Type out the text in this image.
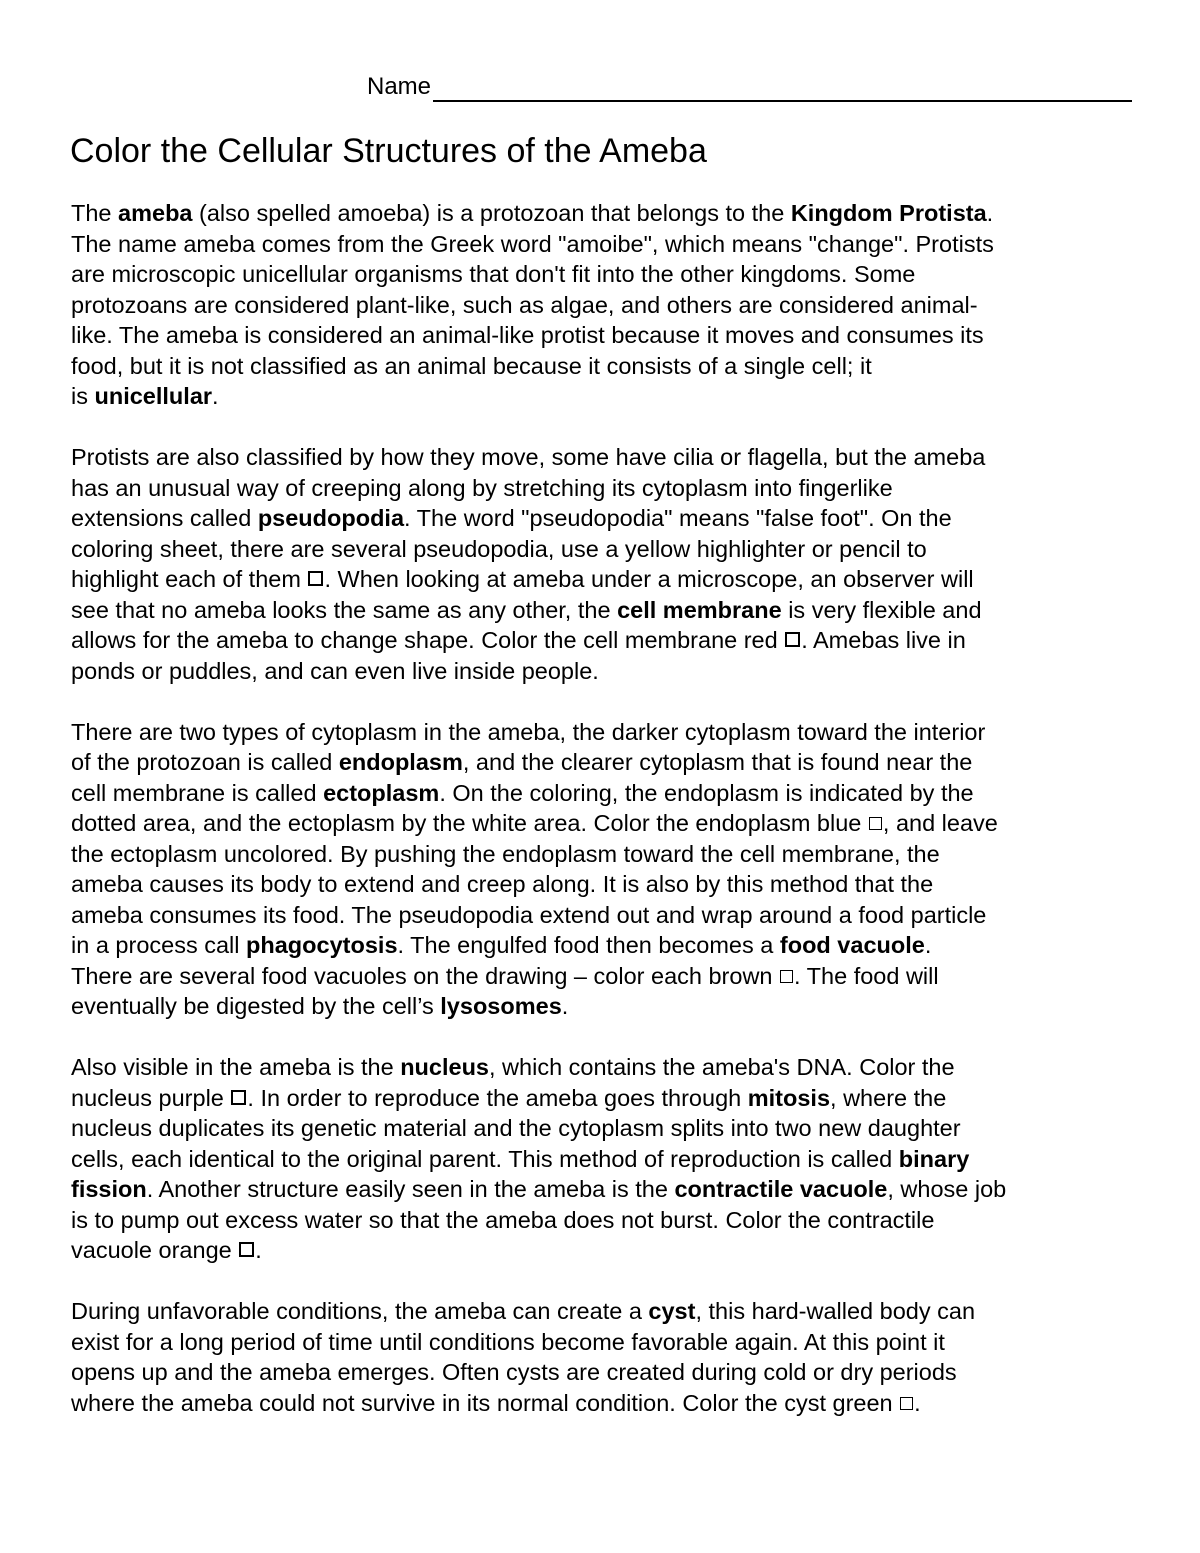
Name
Color the Cellular Structures of the Ameba

The ameba (also spelled amoeba) is a protozoan that belongs to the Kingdom Protista.
The name ameba comes from the Greek word "amoibe", which means "change". Protists
are microscopic unicellular organisms that don't fit into the other kingdoms. Some
protozoans are considered plant-like, such as algae, and others are considered animal-
like. The ameba is considered an animal-like protist because it moves and consumes its
food, but it is not classified as an animal because it consists of a single cell; it
is unicellular.

Protists are also classified by how they move, some have cilia or flagella, but the ameba
has an unusual way of creeping along by stretching its cytoplasm into fingerlike
extensions called pseudopodia. The word "pseudopodia" means "false foot". On the
coloring sheet, there are several pseudopodia, use a yellow highlighter or pencil to
highlight each of them . When looking at ameba under a microscope, an observer will
see that no ameba looks the same as any other, the cell membrane is very flexible and
allows for the ameba to change shape. Color the cell membrane red . Amebas live in
ponds or puddles, and can even live inside people.

There are two types of cytoplasm in the ameba, the darker cytoplasm toward the interior
of the protozoan is called endoplasm, and the clearer cytoplasm that is found near the
cell membrane is called ectoplasm. On the coloring, the endoplasm is indicated by the
dotted area, and the ectoplasm by the white area. Color the endoplasm blue , and leave
the ectoplasm uncolored. By pushing the endoplasm toward the cell membrane, the
ameba causes its body to extend and creep along. It is also by this method that the
ameba consumes its food. The pseudopodia extend out and wrap around a food particle
in a process call phagocytosis. The engulfed food then becomes a food vacuole.
There are several food vacuoles on the drawing – color each brown . The food will
eventually be digested by the cell’s lysosomes.

Also visible in the ameba is the nucleus, which contains the ameba's DNA. Color the
nucleus purple . In order to reproduce the ameba goes through mitosis, where the
nucleus duplicates its genetic material and the cytoplasm splits into two new daughter
cells, each identical to the original parent. This method of reproduction is called binary
fission. Another structure easily seen in the ameba is the contractile vacuole, whose job
is to pump out excess water so that the ameba does not burst. Color the contractile
vacuole orange .

During unfavorable conditions, the ameba can create a cyst, this hard-walled body can
exist for a long period of time until conditions become favorable again. At this point it
opens up and the ameba emerges. Often cysts are created during cold or dry periods
where the ameba could not survive in its normal condition. Color the cyst green .
